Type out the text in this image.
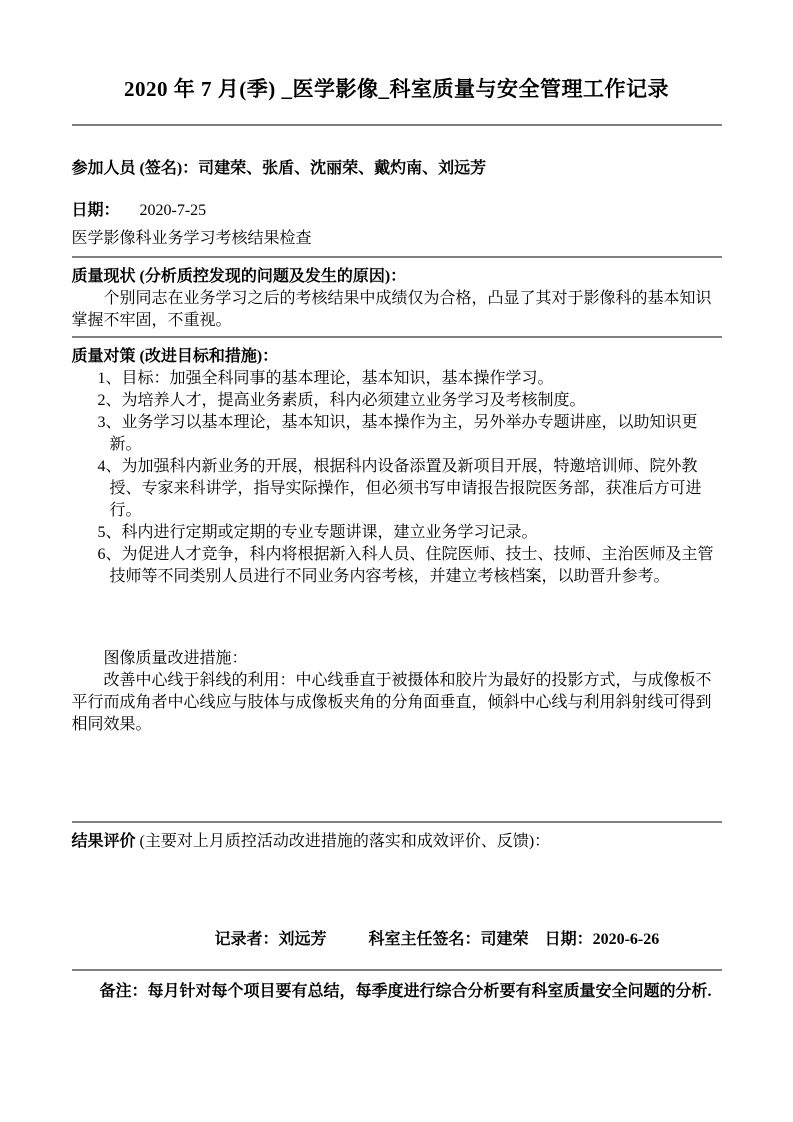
2020 年 7 月(季) _医学影像_科室质量与安全管理工作记录
参加人员 (签名)：司建荣、张盾、沈丽荣、戴灼南、刘远芳
日期： 2020-7-25
医学影像科业务学习考核结果检查
质量现状 (分析质控发现的问题及发生的原因)：
个别同志在业务学习之后的考核结果中成绩仅为合格，凸显了其对于影像科的基本知识掌握不牢固，不重视。
质量对策 (改进目标和措施)：
1、目标：加强全科同事的基本理论，基本知识，基本操作学习。
2、为培养人才，提高业务素质，科内必须建立业务学习及考核制度。
3、业务学习以基本理论，基本知识，基本操作为主，另外举办专题讲座，以助知识更新。
4、为加强科内新业务的开展，根据科内设备添置及新项目开展，特邀培训师、院外教授、专家来科讲学，指导实际操作，但必须书写申请报告报院医务部，获准后方可进行。
5、科内进行定期或定期的专业专题讲课，建立业务学习记录。
6、为促进人才竞争，科内将根据新入科人员、住院医师、技士、技师、主治医师及主管技师等不同类别人员进行不同业务内容考核，并建立考核档案，以助晋升参考。
图像质量改进措施：
改善中心线于斜线的利用：中心线垂直于被摄体和胶片为最好的投影方式，与成像板不平行而成角者中心线应与肢体与成像板夹角的分角面垂直，倾斜中心线与利用斜射线可得到相同效果。
结果评价 (主要对上月质控活动改进措施的落实和成效评价、反馈)：
记录者：刘远芳	科室主任签名：司建荣 日期：2020-6-26
备注：每月针对每个项目要有总结，每季度进行综合分析要有科室质量安全问题的分析.
